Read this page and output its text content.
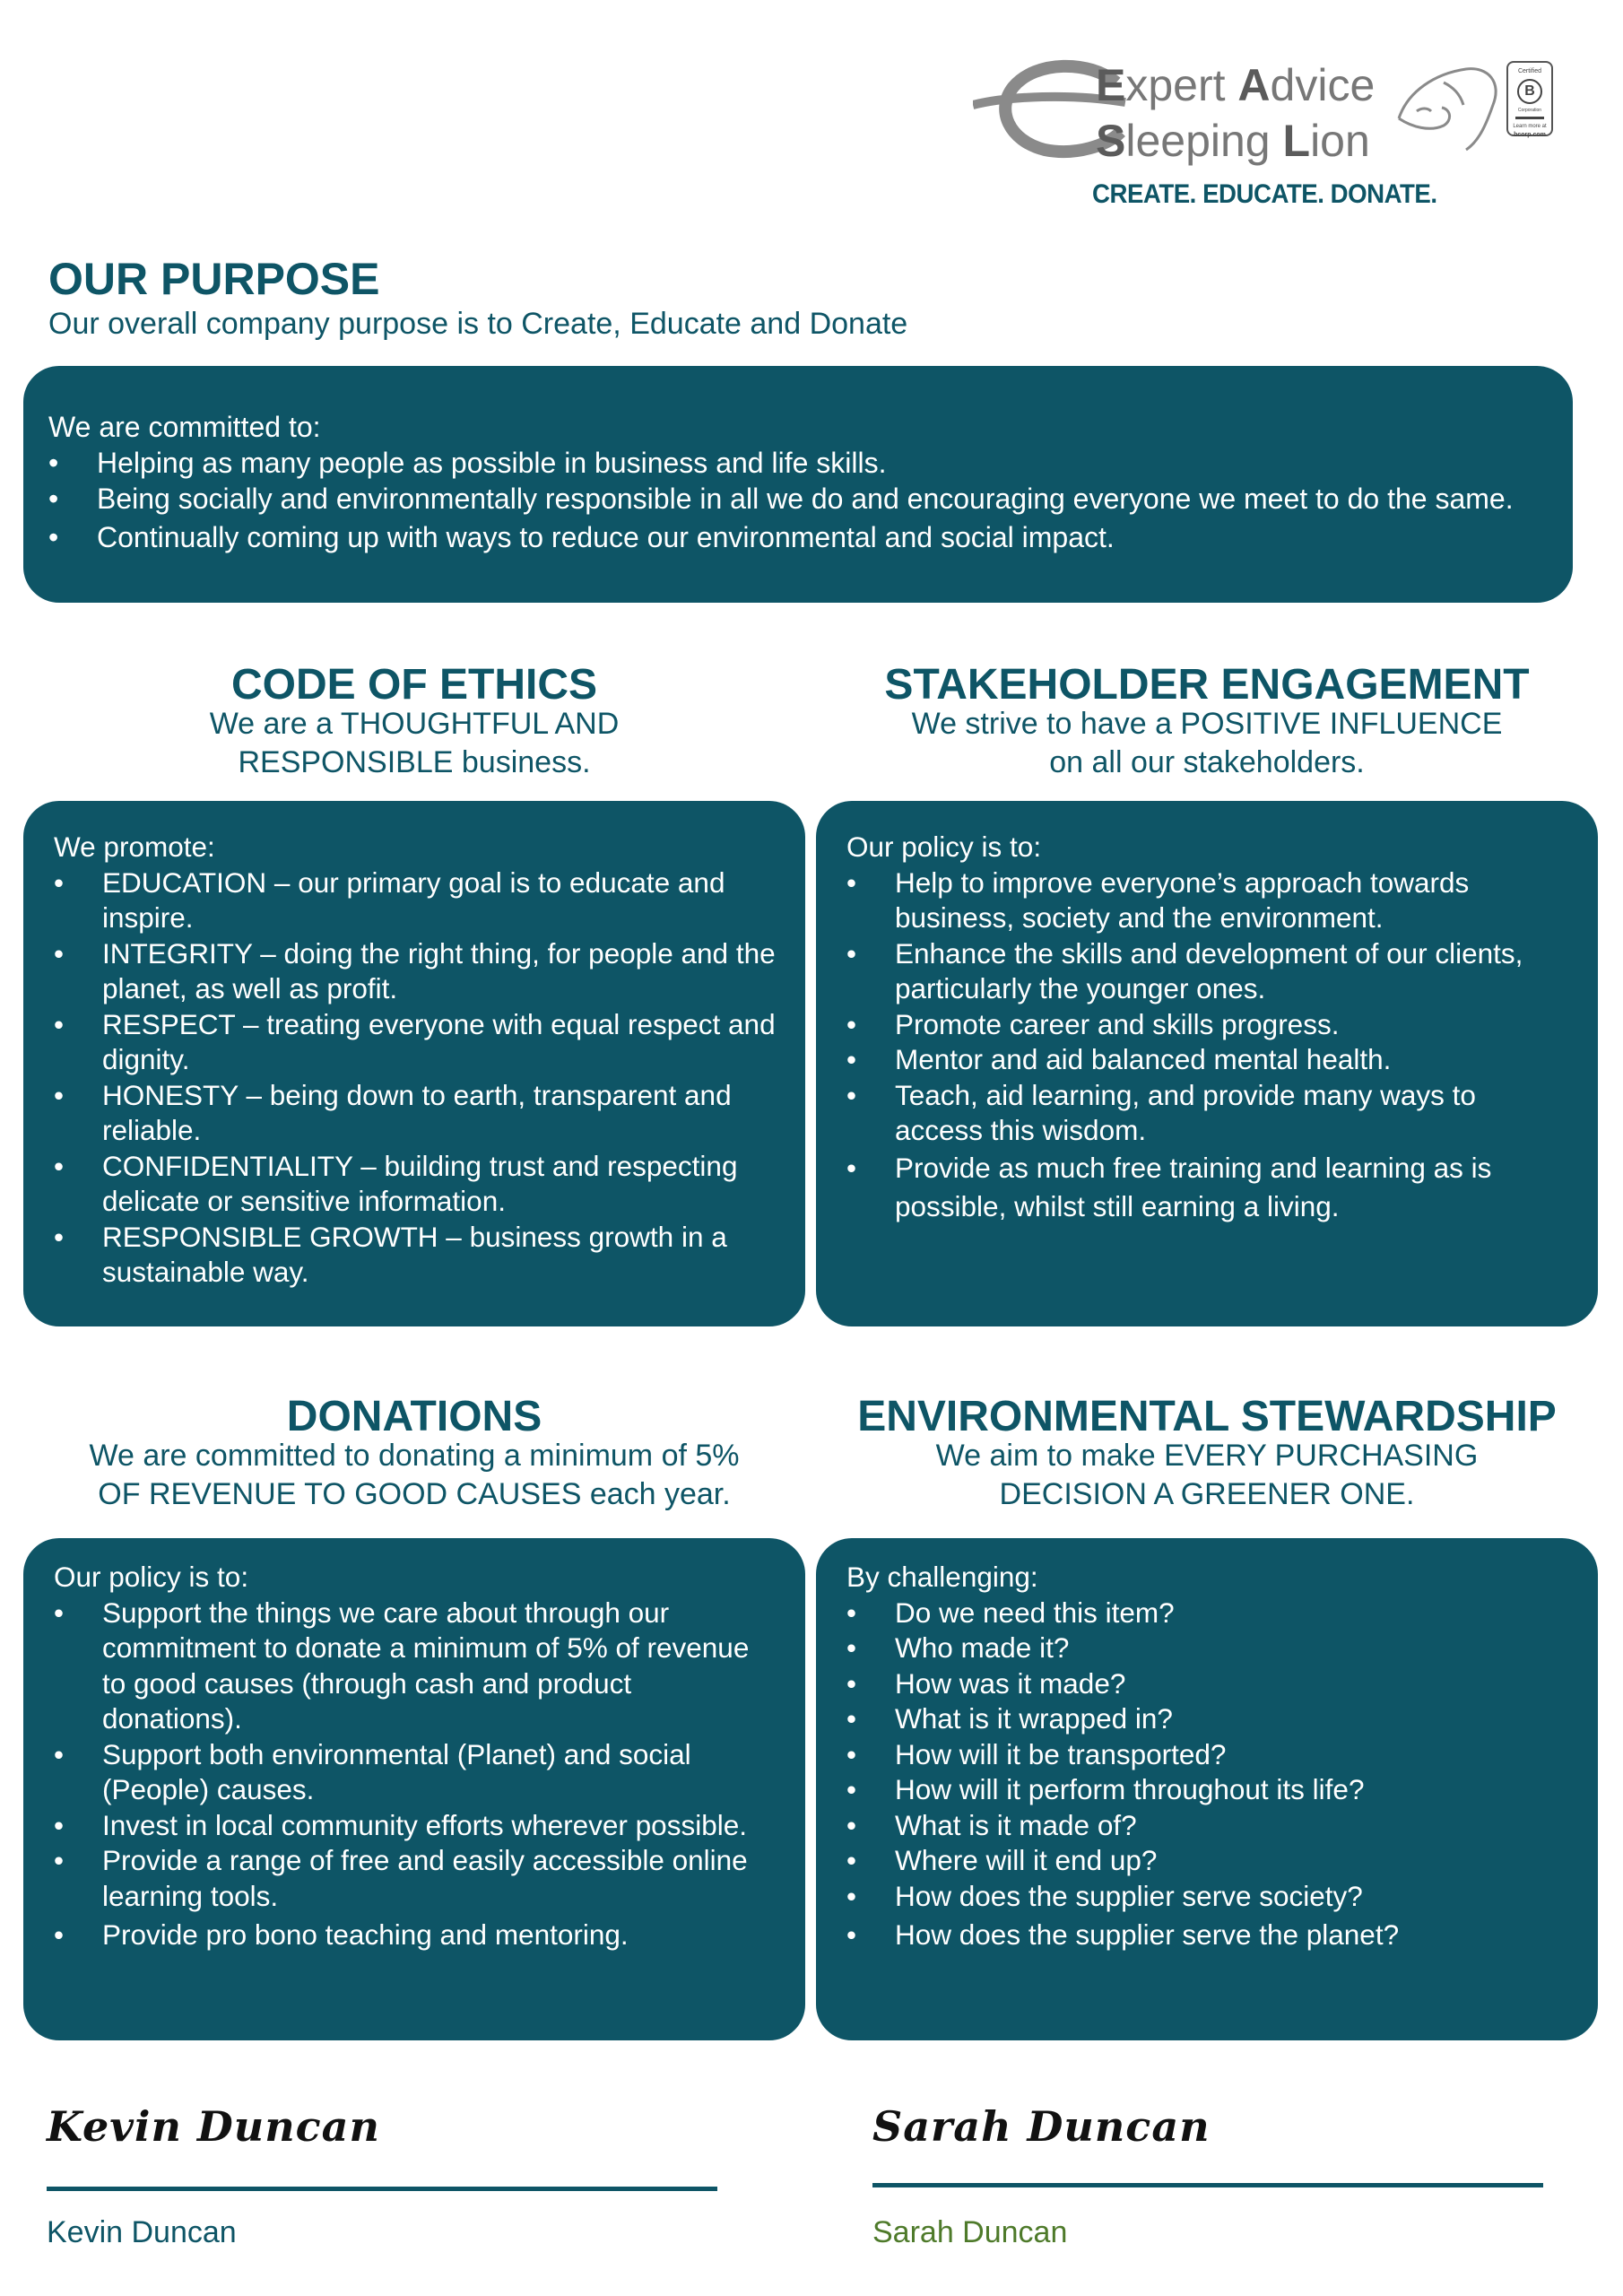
Expert Advice
Sleeping Lion
CREATE. EDUCATE. DONATE.
Certified
B
Corporation
Learn more at
bcorp.com
OUR PURPOSE
Our overall company purpose is to Create, Educate and Donate
We are committed to:
• Helping as many people as possible in business and life skills.
• Being socially and environmentally responsible in all we do and encouraging everyone we meet to do the same.
• Continually coming up with ways to reduce our environmental and social impact.
CODE OF ETHICS
We are a THOUGHTFUL AND
RESPONSIBLE business.
We promote:
• EDUCATION – our primary goal is to educate and inspire.
• INTEGRITY – doing the right thing, for people and the planet, as well as profit.
• RESPECT – treating everyone with equal respect and dignity.
• HONESTY – being down to earth, transparent and reliable.
• CONFIDENTIALITY – building trust and respecting delicate or sensitive information.
• RESPONSIBLE GROWTH – business growth in a sustainable way.
STAKEHOLDER ENGAGEMENT
We strive to have a POSITIVE INFLUENCE
on all our stakeholders.
Our policy is to:
• Help to improve everyone’s approach towards business, society and the environment.
• Enhance the skills and development of our clients, particularly the younger ones.
• Promote career and skills progress.
• Mentor and aid balanced mental health.
• Teach, aid learning, and provide many ways to access this wisdom.
• Provide as much free training and learning as is possible, whilst still earning a living.
DONATIONS
We are committed to donating a minimum of 5%
OF REVENUE TO GOOD CAUSES each year.
Our policy is to:
• Support the things we care about through our commitment to donate a minimum of 5% of revenue to good causes (through cash and product donations).
• Support both environmental (Planet) and social (People) causes.
• Invest in local community efforts wherever possible.
• Provide a range of free and easily accessible online learning tools.
• Provide pro bono teaching and mentoring.
ENVIRONMENTAL STEWARDSHIP
We aim to make EVERY PURCHASING
DECISION A GREENER ONE.
By challenging:
• Do we need this item?
• Who made it?
• How was it made?
• What is it wrapped in?
• How will it be transported?
• How will it perform throughout its life?
• What is it made of?
• Where will it end up?
• How does the supplier serve society?
• How does the supplier serve the planet?
Kevin Duncan
Kevin Duncan
Sarah Duncan
Sarah Duncan
